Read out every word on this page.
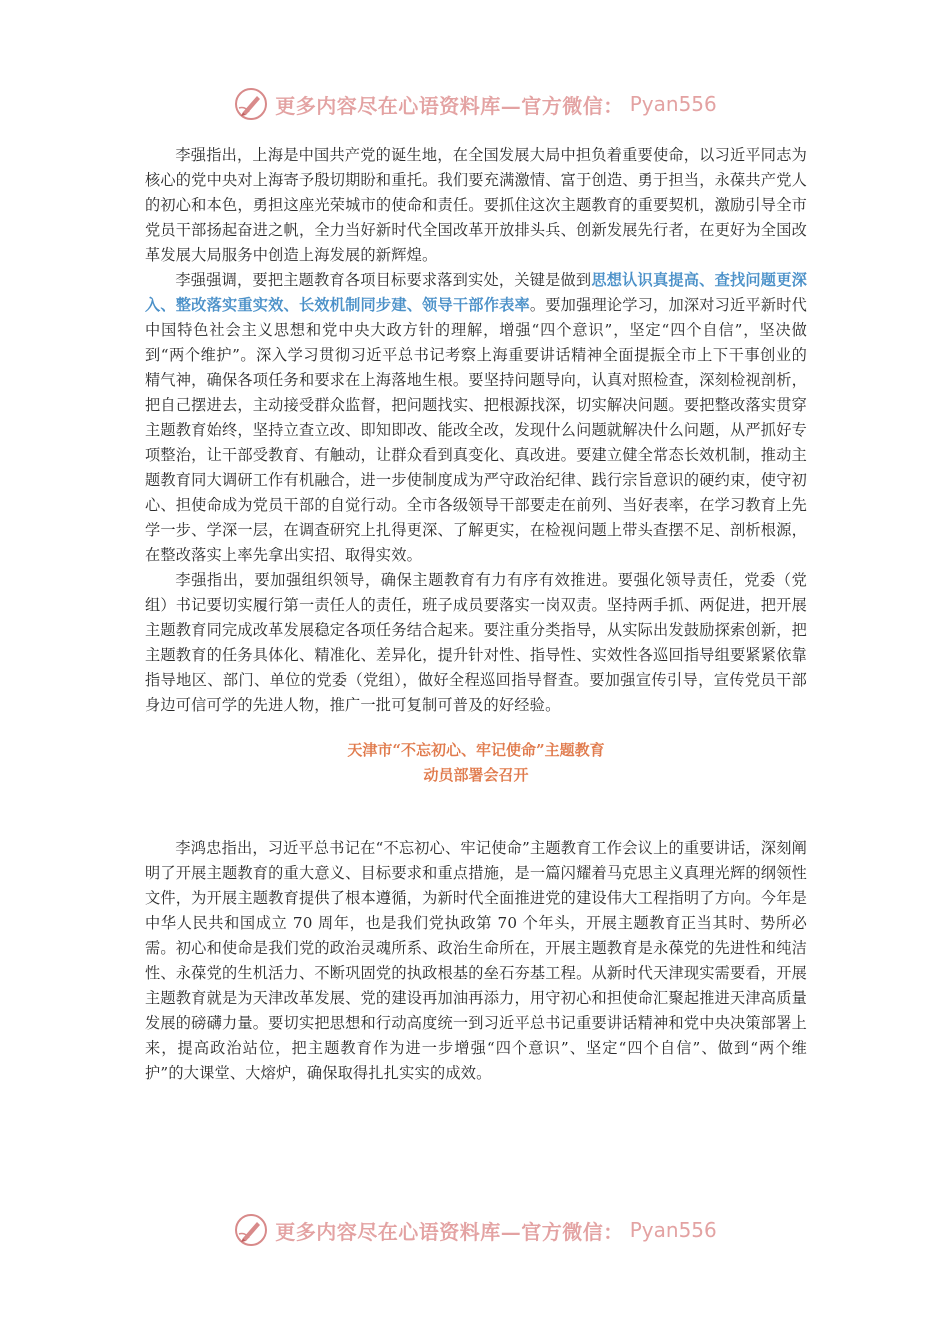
更多内容尽在心语资料库—官方微信： Pyan556

李强指出，上海是中国共产党的诞生地，在全国发展大局中担负着重要使命，以习近平同志为核心的党中央对上海寄予殷切期盼和重托。我们要充满激情、富于创造、勇于担当，永葆共产党人的初心和本色，勇担这座光荣城市的使命和责任。要抓住这次主题教育的重要契机，激励引导全市党员干部扬起奋进之帆，全力当好新时代全国改革开放排头兵、创新发展先行者，在更好为全国改革发展大局服务中创造上海发展的新辉煌。

李强强调，要把主题教育各项目标要求落到实处，关键是做到思想认识真提高、查找问题更深入、整改落实重实效、长效机制同步建、领导干部作表率。要加强理论学习，加深对习近平新时代中国特色社会主义思想和党中央大政方针的理解，增强“四个意识”，坚定“四个自信”，坚决做到“两个维护”。深入学习贯彻习近平总书记考察上海重要讲话精神全面提振全市上下干事创业的精气神，确保各项任务和要求在上海落地生根。要坚持问题导向，认真对照检查，深刻检视剖析，把自己摆进去，主动接受群众监督，把问题找实、把根源找深，切实解决问题。要把整改落实贯穿主题教育始终，坚持立查立改、即知即改、能改全改，发现什么问题就解决什么问题，从严抓好专项整治，让干部受教育、有触动，让群众看到真变化、真改进。要建立健全常态长效机制，推动主题教育同大调研工作有机融合，进一步使制度成为严守政治纪律、践行宗旨意识的硬约束，使守初心、担使命成为党员干部的自觉行动。全市各级领导干部要走在前列、当好表率，在学习教育上先学一步、学深一层，在调查研究上扎得更深、了解更实，在检视问题上带头查摆不足、剖析根源，在整改落实上率先拿出实招、取得实效。

李强指出，要加强组织领导，确保主题教育有力有序有效推进。要强化领导责任，党委（党组）书记要切实履行第一责任人的责任，班子成员要落实一岗双责。坚持两手抓、两促进，把开展主题教育同完成改革发展稳定各项任务结合起来。要注重分类指导，从实际出发鼓励探索创新，把主题教育的任务具体化、精准化、差异化，提升针对性、指导性、实效性各巡回指导组要紧紧依靠指导地区、部门、单位的党委（党组），做好全程巡回指导督查。要加强宣传引导，宣传党员干部身边可信可学的先进人物，推广一批可复制可普及的好经验。

天津市“不忘初心、牢记使命”主题教育

动员部署会召开

李鸿忠指出，习近平总书记在“不忘初心、牢记使命”主题教育工作会议上的重要讲话，深刻阐明了开展主题教育的重大意义、目标要求和重点措施，是一篇闪耀着马克思主义真理光辉的纲领性文件，为开展主题教育提供了根本遵循，为新时代全面推进党的建设伟大工程指明了方向。今年是中华人民共和国成立 70 周年，也是我们党执政第 70 个年头，开展主题教育正当其时、势所必需。初心和使命是我们党的政治灵魂所系、政治生命所在，开展主题教育是永葆党的先进性和纯洁性、永葆党的生机活力、不断巩固党的执政根基的垒石夯基工程。从新时代天津现实需要看，开展主题教育就是为天津改革发展、党的建设再加油再添力，用守初心和担使命汇聚起推进天津高质量发展的磅礴力量。要切实把思想和行动高度统一到习近平总书记重要讲话精神和党中央决策部署上来，提高政治站位，把主题教育作为进一步增强“四个意识”、坚定“四个自信”、做到“两个维护”的大课堂、大熔炉，确保取得扎扎实实的成效。

更多内容尽在心语资料库—官方微信： Pyan556
